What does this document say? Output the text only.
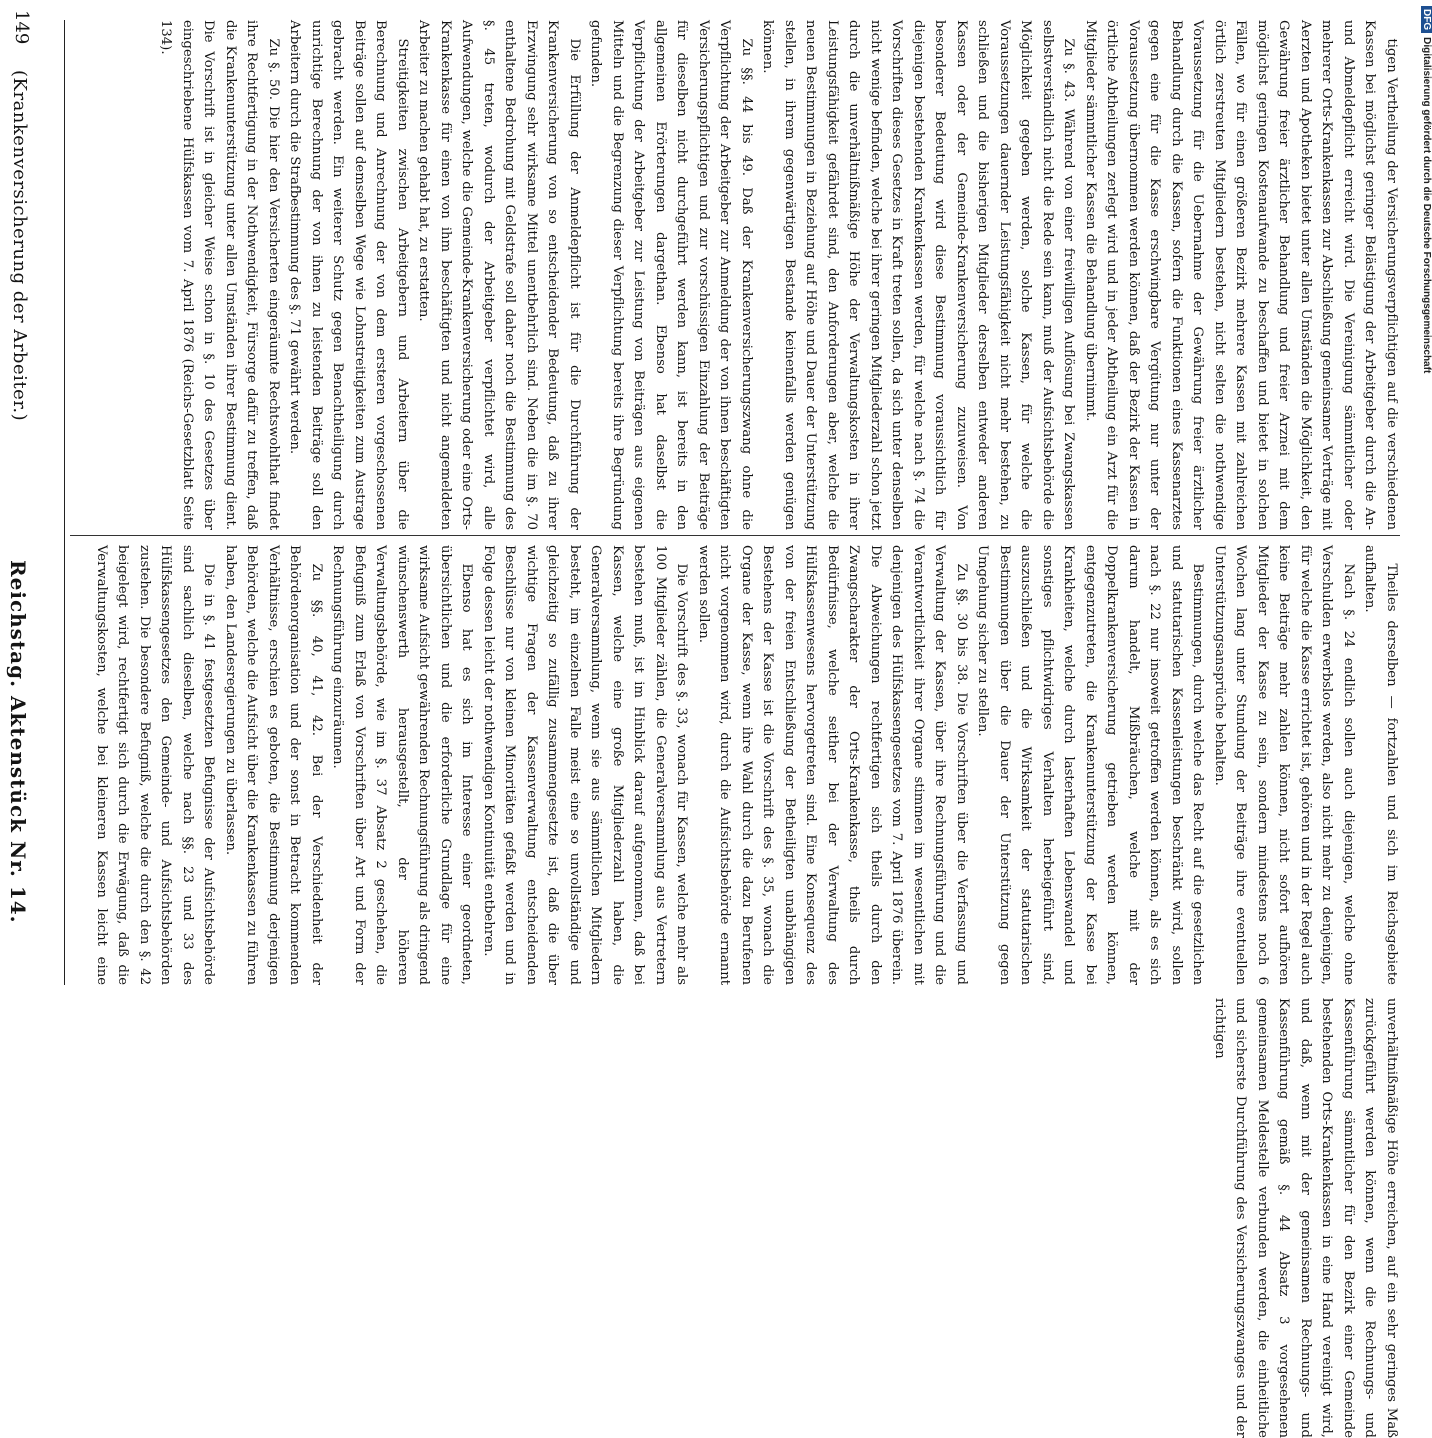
149
(Krankenversicherung der Arbeiter.)
Reichstag. Aktenstück Nr. 14.

tigen Vertheilung der Versicherungsverpflichtigen auf die verschiedenen Kassen bei möglichst geringer Belästigung der Arbeitgeber durch die An- und Abmeldepflicht erreicht wird. Die Vereinigung sämmtlicher oder mehrerer Orts-Krankenkassen zur Abschließung gemeinsamer Verträge mit Aerzten und Apotheken bietet unter allen Umständen die Möglichkeit, den Gewährung freier ärztlicher Behandlung und freier Arznei mit dem möglichst geringen Kostenaufwande zu beschaffen und bietet in solchen Fällen, wo für einen größeren Bezirk mehrere Kassen mit zahlreichen örtlich zerstreuten Mitgliedern bestehen, nicht selten die nothwendige Voraussetzung für die Uebernahme der Gewährung freier ärztlicher Behandlung durch die Kassen, sofern die Funktionen eines Kassenarztes gegen eine für die Kasse erschwingbare Vergütung nur unter der Voraussetzung übernommen werden können, daß der Bezirk der Kassen in örtliche Abtheilungen zerlegt wird und in jeder Abtheilung ein Arzt für die Mitglieder sämmtlicher Kassen die Behandlung übernimmt.

Zu §. 43. Während von einer freiwilligen Auflösung bei Zwangskassen selbstverständlich nicht die Rede sein kann, muß der Aufsichtsbehörde die Möglichkeit gegeben werden, solche Kassen, für welche die Voraussetzungen dauernder Leistungsfähigkeit nicht mehr bestehen, zu schließen und die bisherigen Mitglieder derselben entweder anderen Kassen oder der Gemeinde-Krankenversicherung zuzuweisen. Von besonderer Bedeutung wird diese Bestimmung voraussichtlich für diejenigen bestehenden Krankenkassen werden, für welche nach §. 74 die Vorschriften dieses Gesetzes in Kraft treten sollen, da sich unter denselben nicht wenige befinden, welche bei ihrer geringen Mitgliederzahl schon jetzt durch die unverhältnißmäßige Höhe der Verwaltungskosten in ihrer Leistungsfähigkeit gefährdet sind, den Anforderungen aber, welche die neuen Bestimmungen in Beziehung auf Höhe und Dauer der Unterstützung stellen, in ihrem gegenwärtigen Bestande keinenfalls werden genügen können.

Zu §§. 44 bis 49. Daß der Krankenversicherungszwang ohne die Verpflichtung der Arbeitgeber zur Anmeldung der von ihnen beschäftigten Versicherungspflichtigen und zur vorschüssigen Einzahlung der Beiträge für dieselben nicht durchgeführt werden kann, ist bereits in den allgemeinen Erörterungen dargethan. Ebenso hat daselbst die Verpflichtung der Arbeitgeber zur Leistung von Beiträgen aus eigenen Mitteln und die Begrenzung dieser Verpflichtung bereits ihre Begründung gefunden.

Die Erfüllung der Anmeldepflicht ist für die Durchführung der Krankenversicherung von so entscheidender Bedeutung, daß zu ihrer Erzwingung sehr wirksame Mittel unentbehrlich sind. Neben die im §. 70 enthaltene Bedrohung mit Geldstrafe soll daher noch die Bestimmung des §. 45 treten, wodurch der Arbeitgeber verpflichtet wird, alle Aufwendungen, welche die Gemeinde-Krankenversicherung oder eine Orts-Krankenkasse für einen von ihm beschäftigten und nicht angemeldeten Arbeiter zu machen gehabt hat, zu erstatten.

Streitigkeiten zwischen Arbeitgebern und Arbeitern über die Berechnung und Anrechnung der von dem ersteren vorgeschossenen Beiträge sollen auf demselben Wege wie Lohnstreitigkeiten zum Austrage gebracht werden. Ein weiterer Schutz gegen Benachtheiligung durch unrichtige Berechnung der von ihnen zu leistenden Beiträge soll den Arbeitern durch die Strafbestimmung des §. 71 gewährt werden.

Zu §. 50. Die hier den Versicherten eingeräumte Rechtswohlthat findet ihre Rechtfertigung in der Nothwendigkeit, Fürsorge dafür zu treffen, daß die Krankenunterstützung unter allen Umständen ihrer Bestimmung dient. Die Vorschrift ist in gleicher Weise schon in §. 10 des Gesetzes über eingeschriebene Hülfskassen vom 7. April 1876 (Reichs-Gesetzblatt Seite 134).

Theiles derselben — fortzahlen und sich im Reichsgebiete aufhalten.

Nach §. 24 endlich sollen auch diejenigen, welche ohne Verschulden erwerbslos werden, also nicht mehr zu denjenigen, für welche die Kasse errichtet ist, gehören und in der Regel auch keine Beiträge mehr zahlen können, nicht sofort aufhören Mitglieder der Kasse zu sein, sondern mindestens noch 6 Wochen lang unter Stundung der Beiträge ihre eventuellen Unterstützungsansprüche behalten.

Bestimmungen, durch welche das Recht auf die gesetzlichen und statutarischen Kassenleistungen beschränkt wird, sollen nach §. 22 nur insoweit getroffen werden können, als es sich darum handelt, Mißbräuchen, welche mit der Doppelkrankenversicherung getrieben werden können, entgegenzutreten, die Krankenunterstützung der Kasse bei Krankheiten, welche durch lasterhaften Lebenswandel und sonstiges pflichtwidriges Verhalten herbeigeführt sind, auszuschließen und die Wirksamkeit der statutarischen Bestimmungen über die Dauer der Unterstützung gegen Umgehung sicher zu stellen.

Zu §§. 30 bis 38. Die Vorschriften über die Verfassung und Verwaltung der Kassen, über ihre Rechnungsführung und die Verantwortlichkeit ihrer Organe stimmen im wesentlichen mit denjenigen des Hülfskassengesetzes vom 7. April 1876 überein. Die Abweichungen rechtfertigen sich theils durch den Zwangscharakter der Orts-Krankenkasse, theils durch Bedürfnisse, welche seither bei der Verwaltung des Hülfskassenwesens hervorgetreten sind. Eine Konsequenz des von der freien Entschließung der Betheiligten unabhängigen Bestehens der Kasse ist die Vorschrift des §. 35, wonach die Organe der Kasse, wenn ihre Wahl durch die dazu Berufenen nicht vorgenommen wird, durch die Aufsichtsbehörde ernannt werden sollen.

Die Vorschrift des §. 33, wonach für Kassen, welche mehr als 100 Mitglieder zählen, die Generalversammlung aus Vertretern bestehen muß, ist im Hinblick darauf aufgenommen, daß bei Kassen, welche eine große Mitgliederzahl haben, die Generalversammlung, wenn sie aus sämmtlichen Mitgliedern besteht, im einzelnen Falle meist eine so unvollständige und gleichzeitig so zufällig zusammengesetzte ist, daß die über wichtige Fragen der Kassenverwaltung entscheidenden Beschlüsse nur von kleinen Minoritäten gefaßt werden und in Folge dessen leicht der nothwendigen Kontinuität entbehren.

Ebenso hat es sich im Interesse einer geordneten, übersichtlichen und die erforderliche Grundlage für eine wirksame Aufsicht gewährenden Rechnungsführung als dringend wünschenswerth herausgestellt, der höheren Verwaltungsbehörde, wie im §. 37 Absatz 2 geschehen, die Befugniß zum Erlaß von Vorschriften über Art und Form der Rechnungsführung einzuräumen.

Zu §§. 40, 41, 42. Bei der Verschiedenheit der Behördenorganisation und der sonst in Betracht kommenden Verhältnisse, erschien es geboten, die Bestimmung derjenigen Behörden, welche die Aufsicht über die Krankenkassen zu führen haben, den Landesregierungen zu überlassen.

Die in §. 41 festgesetzten Befugnisse der Aufsichtsbehörde sind sachlich dieselben, welche nach §§. 23 und 33 des Hülfskassengesetzes den Gemeinde- und Aufsichtsbehörden zustehen. Die besondere Befugniß, welche die durch den §. 42 beigelegt wird, rechtfertigt sich durch die Erwägung, daß die Verwaltungskosten, welche bei kleineren Kassen leicht eine unverhältnißmäßige Höhe erreichen, auf ein sehr geringes Maß zurückgeführt werden können, wenn die Rechnungs- und Kassenführung sämmtlicher für den Bezirk einer Gemeinde bestehenden Orts-Krankenkassen in eine Hand vereinigt wird, und daß, wenn mit der gemeinsamen Rechnungs- und Kassenführung gemäß §. 44 Absatz 3 vorgesehenen gemeinsamen Meldestelle verbunden werden, die einheitliche und sicherste Durchführung des Versicherungszwanges und der richtigen

DFGDigitalisierung gefördert durch die Deutsche Forschungsgemeinschaft
